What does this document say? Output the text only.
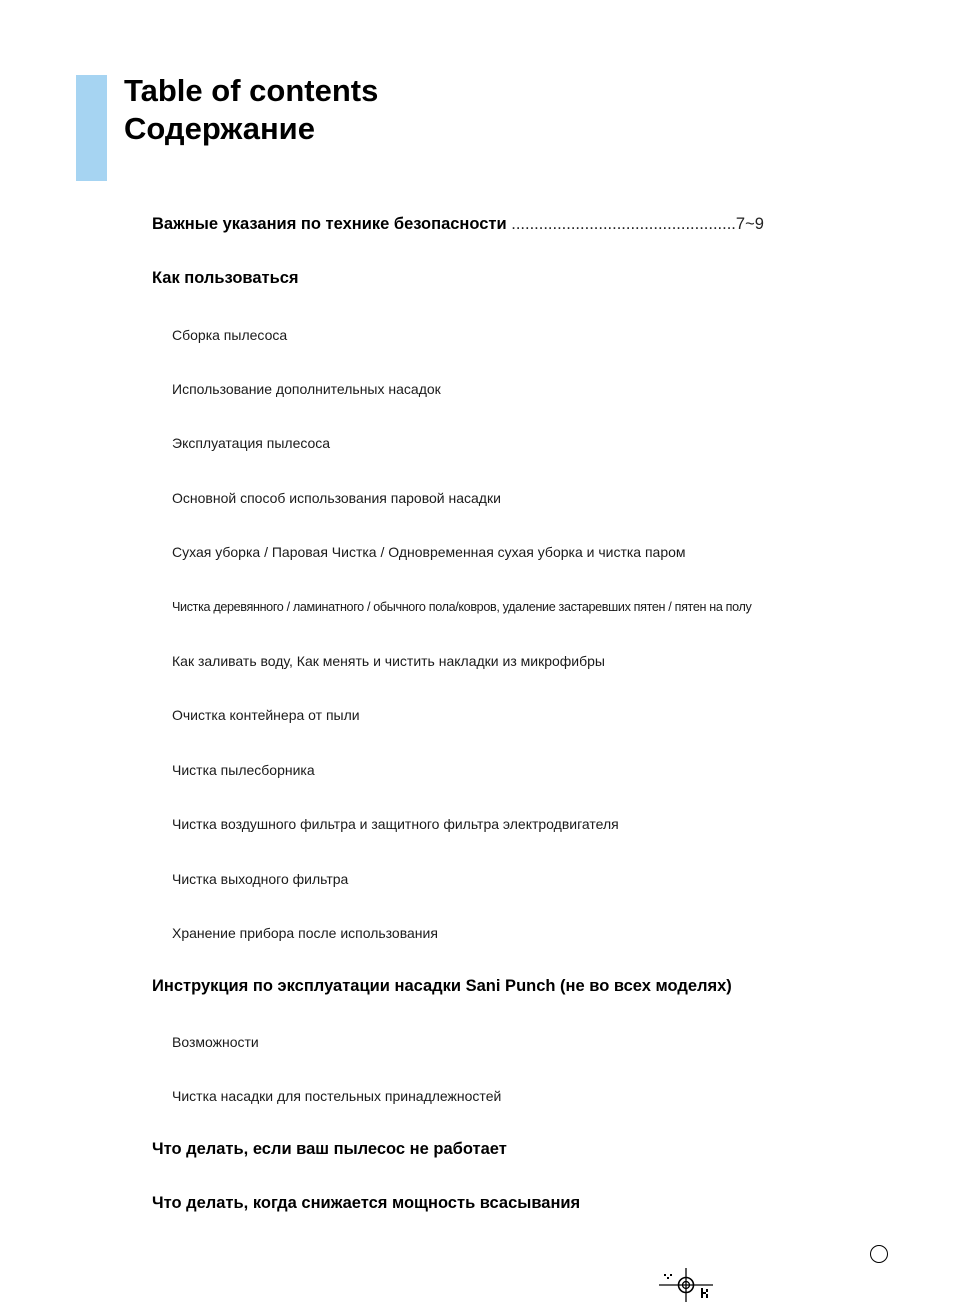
Table of contents
Содержание
Важные указания по технике безопасности .................................................7~9
Как пользоваться
Сборка пылесоса
Использование дополнительных насадок
Эксплуатация пылесоса
Основной способ использования паровой насадки
Сухая уборка / Паровая Чистка / Одновременная сухая уборка и чистка паром
Чистка деревянного / ламинатного / обычного пола/ковров, удаление застаревших пятен / пятен на полу
Как заливать воду, Как менять и чистить накладки из микрофибры
Очистка контейнера от пыли
Чистка пылесборника
Чистка воздушного фильтра и защитного фильтра электродвигателя
Чистка выходного фильтра
Хранение прибора после использования
Инструкция по эксплуатации насадки Sani Punch (не во всех моделях)
Возможности
Чистка насадки для постельных принадлежностей
Что делать, если ваш пылесос не работает
Что делать, когда снижается мощность всасывания
